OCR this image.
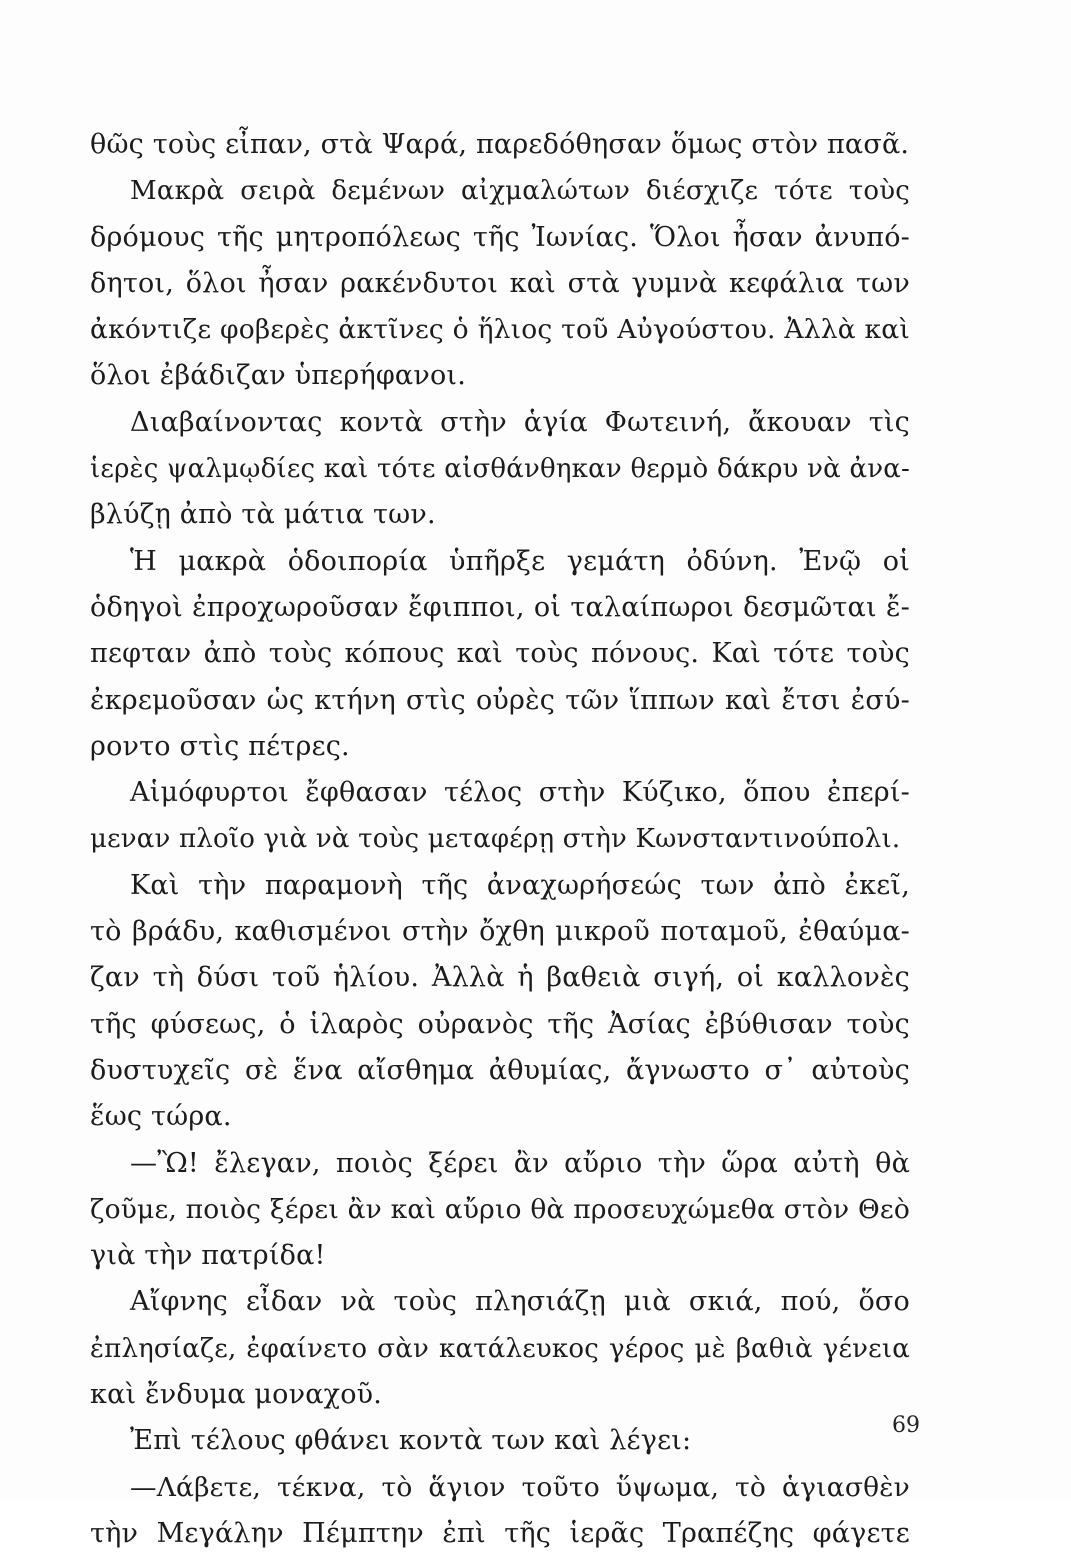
θῶς τοὺς εἶπαν, στὰ Ψαρά, παρεδόθησαν ὅμως στὸν πασᾶ.
Μακρὰ σειρὰ δεμένων αἰχμαλώτων διέσχιζε τότε τοὺς
δρόμους τῆς μητροπόλεως τῆς Ἰωνίας. Ὅλοι ἦσαν ἀνυπό-
δητοι, ὅλοι ἦσαν ρακένδυτοι καὶ στὰ γυμνὰ κεφάλια των
ἀκόντιζε φοβερὲς ἀκτῖνες ὁ ἥλιος τοῦ Αὐγούστου. Ἀλλὰ καὶ
ὅλοι ἐβάδιζαν ὑπερήφανοι.
Διαβαίνοντας κοντὰ στὴν ἁγία Φωτεινή, ἄκουαν τὶς
ἱερὲς ψαλμῳδίες καὶ τότε αἰσθάνθηκαν θερμὸ δάκρυ νὰ ἀνα-
βλύζῃ ἀπὸ τὰ μάτια των.
Ἡ μακρὰ ὁδοιπορία ὑπῆρξε γεμάτη ὀδύνη. Ἐνῷ οἱ
ὁδηγοὶ ἐπροχωροῦσαν ἔφιπποι, οἱ ταλαίπωροι δεσμῶται ἔ-
πεφταν ἀπὸ τοὺς κόπους καὶ τοὺς πόνους. Καὶ τότε τοὺς
ἐκρεμοῦσαν ὡς κτήνη στὶς οὐρὲς τῶν ἵππων καὶ ἔτσι ἐσύ-
ροντο στὶς πέτρες.
Αἱμόφυρτοι ἔφθασαν τέλος στὴν Κύζικο, ὅπου ἐπερί-
μεναν πλοῖο γιὰ νὰ τοὺς μεταφέρῃ στὴν Κωνσταντινούπολι.
Καὶ τὴν παραμονὴ τῆς ἀναχωρήσεώς των ἀπὸ ἐκεῖ,
τὸ βράδυ, καθισμένοι στὴν ὄχθη μικροῦ ποταμοῦ, ἐθαύμα-
ζαν τὴ δύσι τοῦ ἡλίου. Ἀλλὰ ἡ βαθειὰ σιγή, οἱ καλλονὲς
τῆς φύσεως, ὁ ἱλαρὸς οὐρανὸς τῆς Ἀσίας ἐβύθισαν τοὺς
δυστυχεῖς σὲ ἕνα αἴσθημα ἀθυμίας, ἄγνωστο σ᾽ αὐτοὺς
ἕως τώρα.
—Ὢ! ἔλεγαν, ποιὸς ξέρει ἂν αὔριο τὴν ὥρα αὐτὴ θὰ
ζοῦμε, ποιὸς ξέρει ἂν καὶ αὔριο θὰ προσευχώμεθα στὸν Θεὸ
γιὰ τὴν πατρίδα!
Αἴφνης εἶδαν νὰ τοὺς πλησιάζῃ μιὰ σκιά, πού, ὅσο
ἐπλησίαζε, ἐφαίνετο σὰν κατάλευκος γέρος μὲ βαθιὰ γένεια
καὶ ἔνδυμα μοναχοῦ.
Ἐπὶ τέλους φθάνει κοντὰ των καὶ λέγει:
—Λάβετε, τέκνα, τὸ ἅγιον τοῦτο ὕψωμα, τὸ ἁγιασθὲν
τὴν Μεγάλην Πέμπτην ἐπὶ τῆς ἱερᾶς Τραπέζης φάγετε
69
